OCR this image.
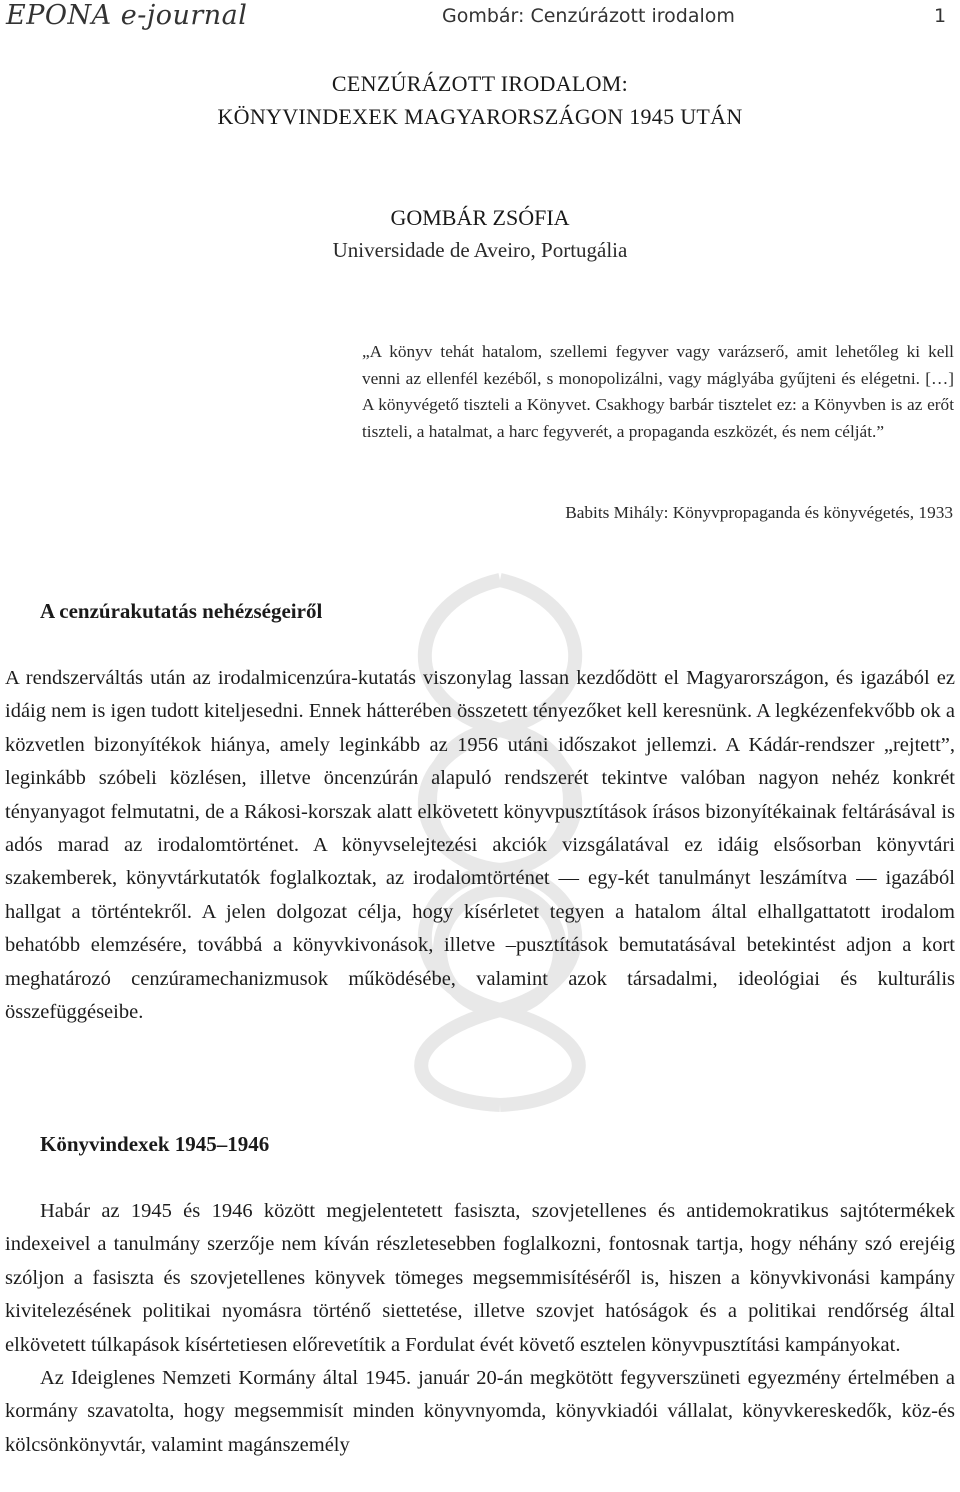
EPONA e-journal	Gombár: Cenzúrázott irodalom	1
CENZÚRÁZOTT IRODALOM:
KÖNYVINDEXEK MAGYARORSZÁGON 1945 UTÁN
GOMBÁR ZSÓFIA
Universidade de Aveiro, Portugália
„A könyv tehát hatalom, szellemi fegyver vagy varázserő, amit lehetőleg ki kell venni az ellenfél kezéből, s monopolizálni, vagy máglyába gyűjteni és elégetni. […] A könyvégető tiszteli a Könyvet. Csakhogy barbár tisztelet ez: a Könyvben is az erőt tiszteli, a hatalmat, a harc fegyverét, a propaganda eszközét, és nem célját.”
Babits Mihály: Könyvpropaganda és könyvégetés, 1933
A cenzúrakutatás nehézségeiről

A rendszerváltás után az irodalmicenzúra-kutatás viszonylag lassan kezdődött el Magyarországon, és igazából ez idáig nem is igen tudott kiteljesedni. Ennek hátterében összetett tényezőket kell keresnünk. A legkézenfekvőbb ok a közvetlen bizonyítékok hiánya, amely leginkább az 1956 utáni időszakot jellemzi. A Kádár-rendszer „rejtett”, leginkább szóbeli közlésen, illetve öncenzúrán alapuló rendszerét tekintve valóban nagyon nehéz konkrét tényanyagot felmutatni, de a Rákosi-korszak alatt elkövetett könyvpusztítások írásos bizonyítékainak feltárásával is adós marad az irodalomtörténet. A könyvselejtezési akciók vizsgálatával ez idáig elsősorban könyvtári szakemberek, könyvtárkutatók foglalkoztak, az irodalomtörténet — egy-két tanulmányt leszámítva — igazából hallgat a történtekről. A jelen dolgozat célja, hogy kísérletet tegyen a hatalom által elhallgattatott irodalom behatóbb elemzésére, továbbá a könyvkivonások, illetve –pusztítások bemutatásával betekintést adjon a kort meghatározó cenzúramechanizmusok működésébe, valamint azok társadalmi, ideológiai és kulturális összefüggéseibe.

Könyvindexek 1945–1946

Habár az 1945 és 1946 között megjelentetett fasiszta, szovjetellenes és antidemokratikus sajtótermékek indexeivel a tanulmány szerzője nem kíván részletesebben foglalkozni, fontosnak tartja, hogy néhány szó erejéig szóljon a fasiszta és szovjetellenes könyvek tömeges megsemmisítéséről is, hiszen a könyvkivonási kampány kivitelezésének politikai nyomásra történő siettetése, illetve szovjet hatóságok és a politikai rendőrség által elkövetett túlkapások kísértetiesen előrevetítik a Fordulat évét követő esztelen könyvpusztítási kampányokat.

Az Ideiglenes Nemzeti Kormány által 1945. január 20-án megkötött fegyverszüneti egyezmény értelmében a kormány szavatolta, hogy megsemmisít minden könyvnyomda, könyvkiadói vállalat, könyvkereskedők, köz-és kölcsönkönyvtár, valamint magánszemély
